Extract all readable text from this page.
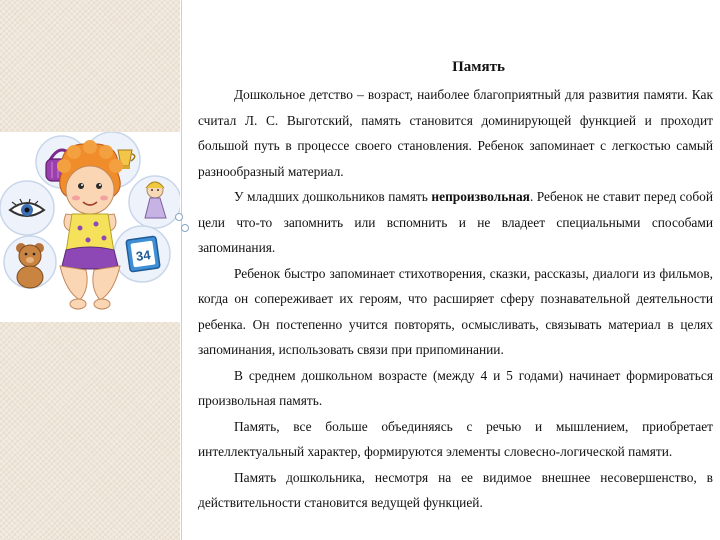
34
Память

Дошкольное детство – возраст, наиболее благоприятный для развития памяти. Как считал Л. С. Выготский, память становится доминирующей функцией и проходит большой путь в процессе своего становления. Ребенок запоминает с легкостью самый разнообразный материал.

У младших дошкольников память непроизвольная. Ребенок не ставит перед собой цели что-то запомнить или вспомнить и не владеет специальными способами запоминания.

Ребенок быстро запоминает стихотворения, сказки, рассказы, диалоги из фильмов, когда он сопереживает их героям, что расширяет сферу познавательной деятельности ребенка. Он постепенно учится повторять, осмысливать, связывать материал в целях запоминания, использовать связи при припоминании.

В среднем дошкольном возрасте (между 4 и 5 годами) начинает формироваться произвольная память.

Память, все больше объединяясь с речью и мышлением, приобретает интеллектуальный характер, формируются элементы словесно-логической памяти.

Память дошкольника, несмотря на ее видимое внешнее несовершенство, в действительности становится ведущей функцией.
